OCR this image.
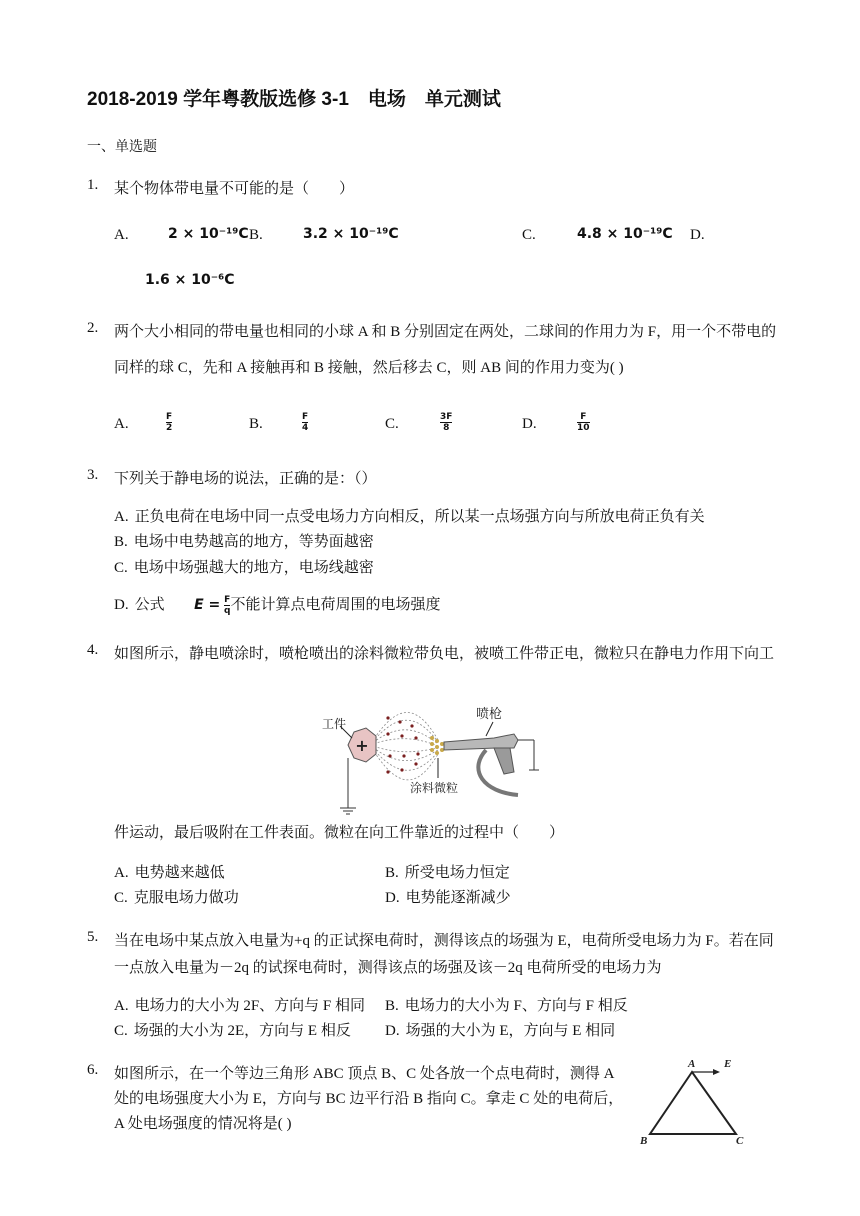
2018-2019 学年粤教版选修 3-1　电场　单元测试
一、单选题
1. 某个物体带电量不可能的是（　　）
A.	2 × 10⁻¹⁹C B.	3.2 × 10⁻¹⁹C	C.	4.8 × 10⁻¹⁹C D.
1.6 × 10⁻⁶C
2. 两个大小相同的带电量也相同的小球 A 和 B 分别固定在两处，二球间的作用力为 F，用一个不带电的
同样的球 C，先和 A 接触再和 B 接触，然后移去 C，则 AB 间的作用力变为( )
A.	F
2	B.	F
4	C.	3F
8	D.	F
10
3. 下列关于静电场的说法，正确的是：（）
A. 正负电荷在电场中同一点受电场力方向相反，所以某一点场强方向与所放电荷正负有关
B. 电场中电势越高的地方，等势面越密
C. 电场中场强越大的地方，电场线越密
D. 公式 $E = \frac{F}{q}$ 不能计算点电荷周围的电场强度
4. 如图所示，静电喷涂时，喷枪喷出的涂料微粒带负电，被喷工件带正电，微粒只在静电力作用下向工
+
工件
喷枪
涂料微粒
件运动，最后吸附在工件表面。微粒在向工件靠近的过程中（　　）
A. 电势越来越低	B. 所受电场力恒定
C. 克服电场力做功	D. 电势能逐渐减少
5. 当在电场中某点放入电量为+q 的正试探电荷时，测得该点的场强为 E，电荷所受电场力为 F。若在同
一点放入电量为－2q 的试探电荷时，测得该点的场强及该－2q 电荷所受的电场力为
A. 电场力的大小为 2F、方向与 F 相同 B. 电场力的大小为 F、方向与 F 相反
C. 场强的大小为 2E，方向与 E 相反 D. 场强的大小为 E，方向与 E 相同
6. 如图所示，在一个等边三角形 ABC 顶点 B、C 处各放一个点电荷时，测得 A
处的电场强度大小为 E，方向与 BC 边平行沿 B 指向 C。拿走 C 处的电荷后，
A 处电场强度的情况将是( )
A	E
B	C
